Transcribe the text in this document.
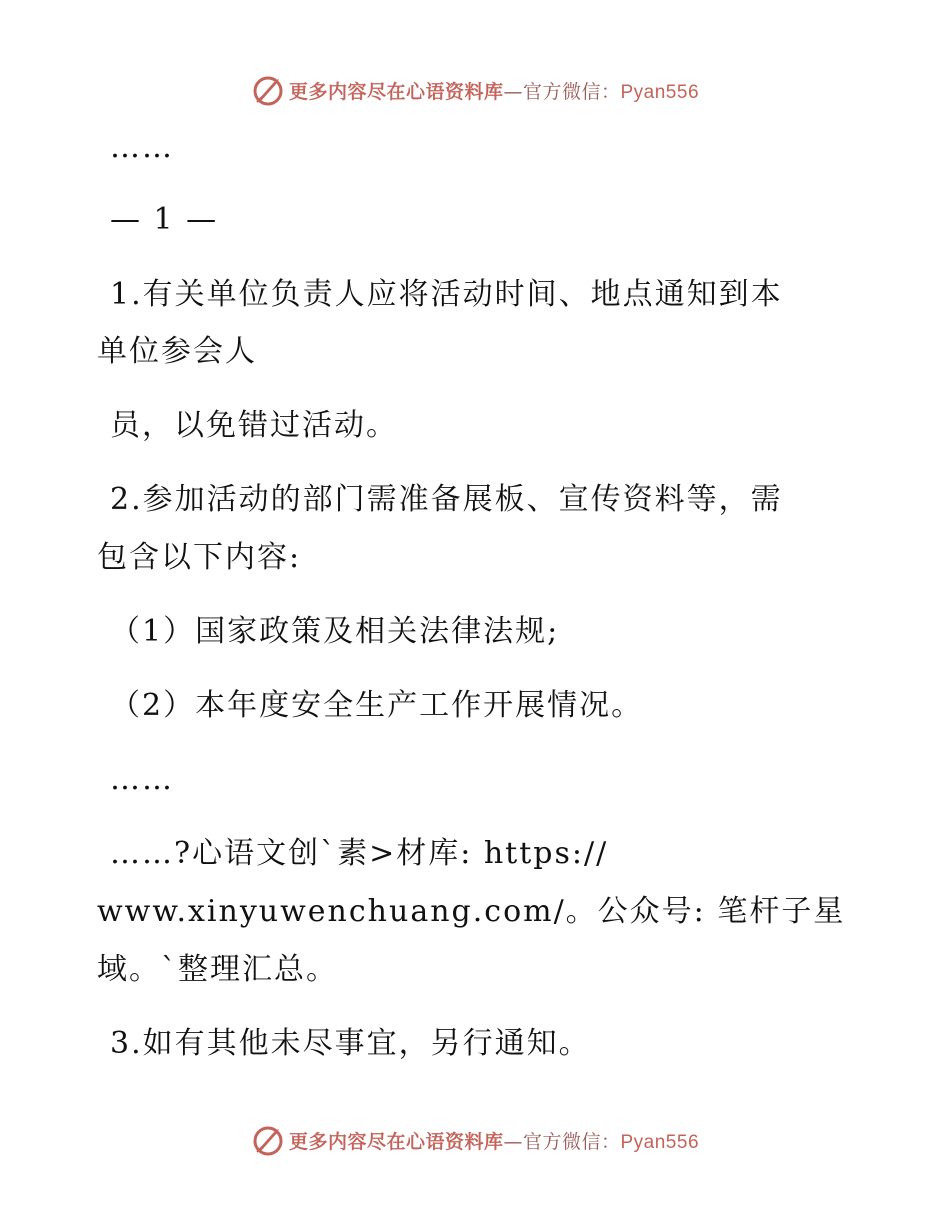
更多内容尽在心语资料库—官方微信：Pyan556
……
— 1 —
1.有关单位负责人应将活动时间、地点通知到本
单位参会人
员，以免错过活动。
2.参加活动的部门需准备展板、宣传资料等，需
包含以下内容:
（1）国家政策及相关法律法规;
（2）本年度安全生产工作开展情况。
……
……?心语文创`素>材库: https://
www.xinyuwenchuang.com/。公众号: 笔杆子星
域。`整理汇总。
3.如有其他未尽事宜，另行通知。
更多内容尽在心语资料库—官方微信：Pyan556
